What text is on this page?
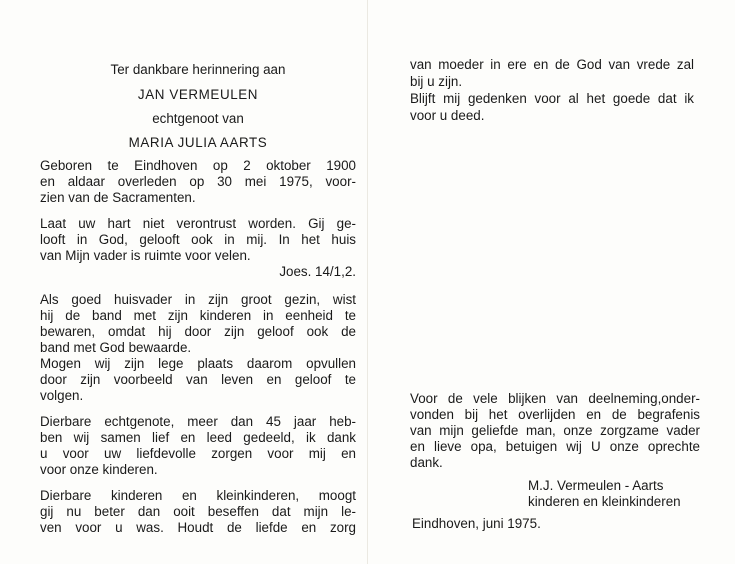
Ter dankbare herinnering aan
JAN VERMEULEN
echtgenoot van
MARIA JULIA AARTS
Geboren te Eindhoven op 2 oktober 1900
en aldaar overleden op 30 mei 1975, voor-
zien van de Sacramenten.
Laat uw hart niet verontrust worden. Gij ge-
looft in God, gelooft ook in mij. In het huis
van Mijn vader is ruimte voor velen.
Joes. 14/1,2.
Als goed huisvader in zijn groot gezin, wist
hij de band met zijn kinderen in eenheid te
bewaren, omdat hij door zijn geloof ook de
band met God bewaarde.
Mogen wij zijn lege plaats daarom opvullen
door zijn voorbeeld van leven en geloof te
volgen.
Dierbare echtgenote, meer dan 45 jaar heb-
ben wij samen lief en leed gedeeld, ik dank
u voor uw liefdevolle zorgen voor mij en
voor onze kinderen.
Dierbare kinderen en kleinkinderen, moogt
gij nu beter dan ooit beseffen dat mijn le-
ven voor u was. Houdt de liefde en zorg
van moeder in ere en de God van vrede zal
bij u zijn.
Blijft mij gedenken voor al het goede dat ik
voor u deed.
Voor de vele blijken van deelneming,onder-
vonden bij het overlijden en de begrafenis
van mijn geliefde man, onze zorgzame vader
en lieve opa, betuigen wij U onze oprechte
dank.
M.J. Vermeulen - Aarts
kinderen en kleinkinderen
Eindhoven, juni 1975.
